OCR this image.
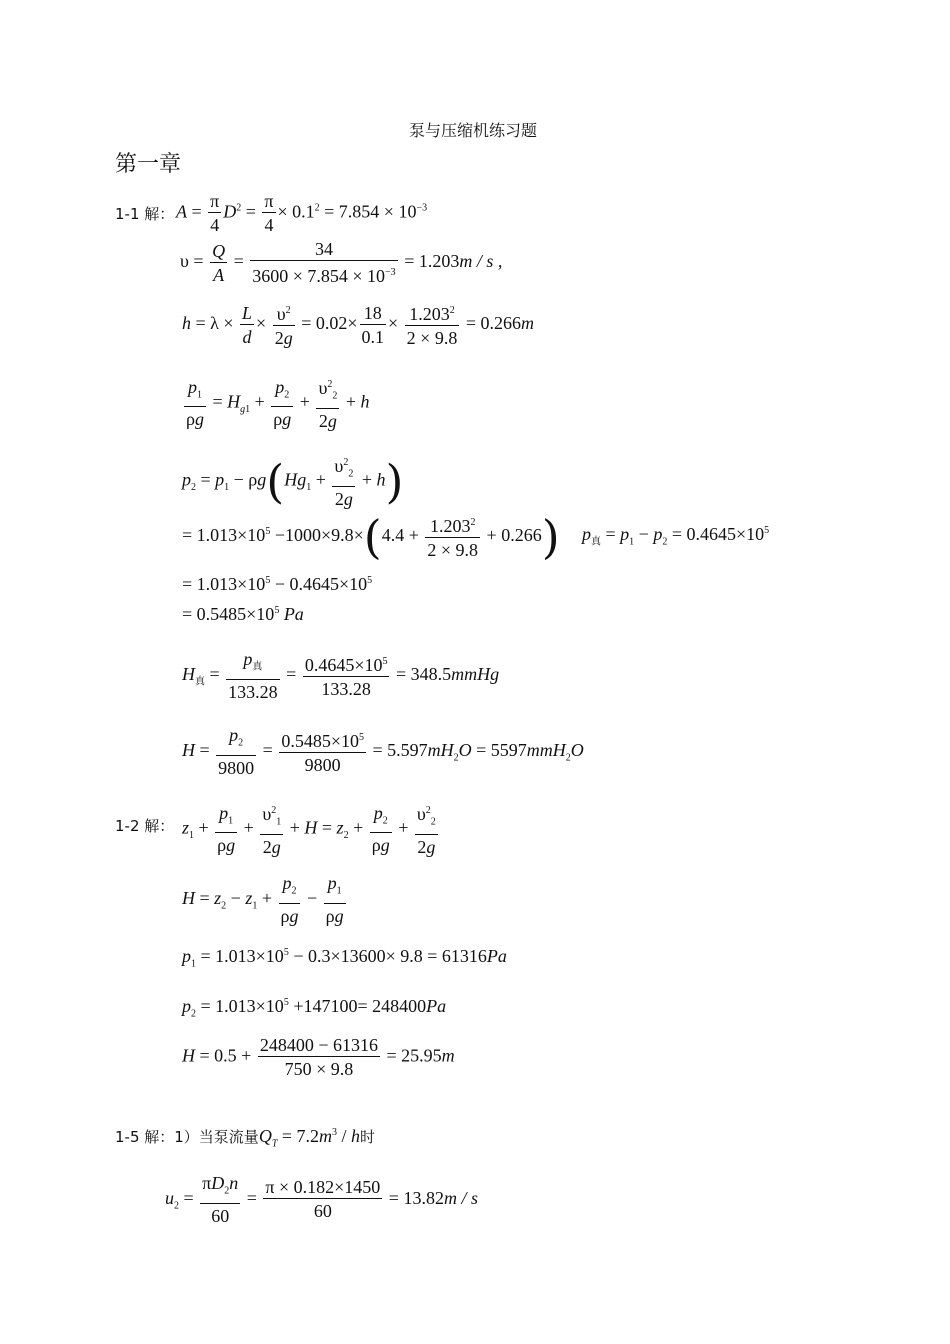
泵与压缩机练习题
第一章
1-1 解： $A = \frac{\pi}{4} D^2 = \frac{\pi}{4} \times 0.1^2 = 7.854 \times 10^{-3}$
$\upsilon = \frac{Q}{A} = \frac{34}{3600 \times 7.854 \times 10^{-3}} = 1.203m / s$ ,
$h = \lambda \times \frac{L}{d} \times \frac{\upsilon^2}{2g} = 0.02\times \frac{18}{0.1} \times \frac{1.203^2}{2 \times 9.8} = 0.266m$
$\frac{p_1}{\rho g} = H_{g1} + \frac{p_2}{\rho g} + \frac{\upsilon^2_2}{2g} + h$
$p_2 = p_1 - \rho g(Hg_1 + \frac{\upsilon^2_2}{2g} + h)$
= $1.013\times 10^5 -1000\times 9.8\times(4.4 + \frac{1.203^2}{2 \times 9.8} + 0.266) p_真 = p_1 - p_2 = 0.4645\times 10^5$
= $1.013\times 10^5 - 0.4645\times 10^5$
= $0.5485\times 10^5$ Pa
$H_真$ =
$p_真$
133.28
= $\frac{0.4645\times 10^5}{133.28}$ = 348.5mmHg
$H = \frac{p_2}{9800} = \frac{0.5485\times 10^5}{9800} = 5.597mH_2O = 5597mmH_2O$
1-2 解： $z_1 + \frac{p_1}{\rho g} + \frac{\upsilon^2_1}{2g} + H = z_2 + \frac{p_2}{\rho g} + \frac{\upsilon^2_2}{2g}$
$H = z_2 - z_1 + \frac{p_2}{\rho g} - \frac{p_1}{\rho g}$
$p_1 = 1.013\times 10^5 - 0.3\times 13600\times 9.8 = 61316Pa$
$p_2 = 1.013\times 10^5 +147100= 248400Pa$
$H = 0.5 + \frac{248400 - 61316}{750 \times 9.8} = 25.95m$
1-5 解：1）当泵流量$Q_T = 7.2m^3 / h$时
$u_2 = \frac{\pi D_2n}{60} = \frac{\pi \times 0.182\times 1450}{60} = 13.82m / s$
